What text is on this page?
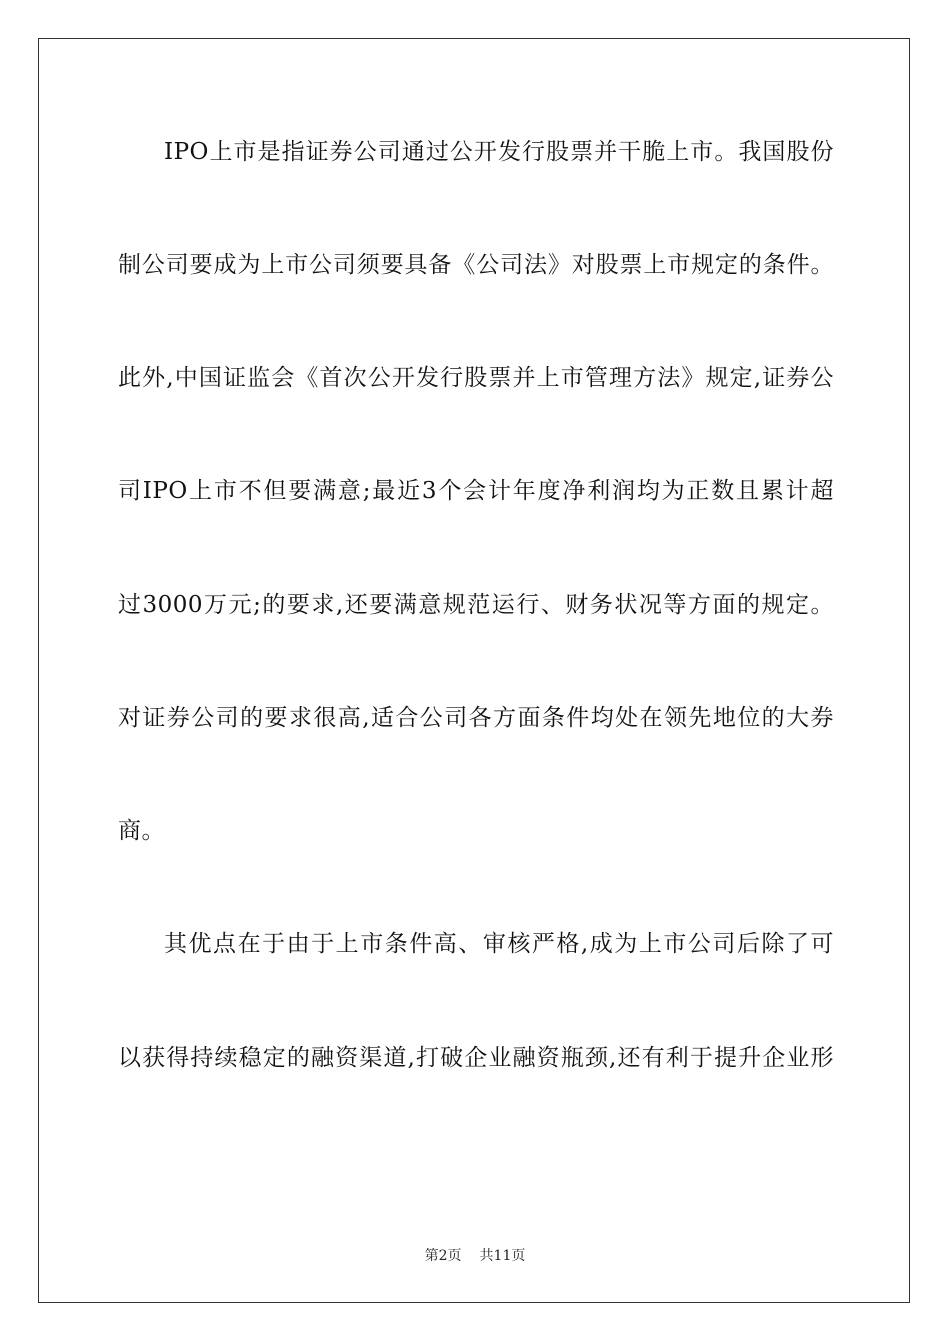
IPO上市是指证券公司通过公开发行股票并干脆上市。我国股份
制公司要成为上市公司须要具备《公司法》对股票上市规定的条件。
此外,中国证监会《首次公开发行股票并上市管理方法》规定,证券公
司IPO上市不但要满意;最近3个会计年度净利润均为正数且累计超
过3000万元;的要求,还要满意规范运行、财务状况等方面的规定。
对证券公司的要求很高,适合公司各方面条件均处在领先地位的大券
商。
其优点在于由于上市条件高、审核严格,成为上市公司后除了可
以获得持续稳定的融资渠道,打破企业融资瓶颈,还有利于提升企业形
第2页 共11页
